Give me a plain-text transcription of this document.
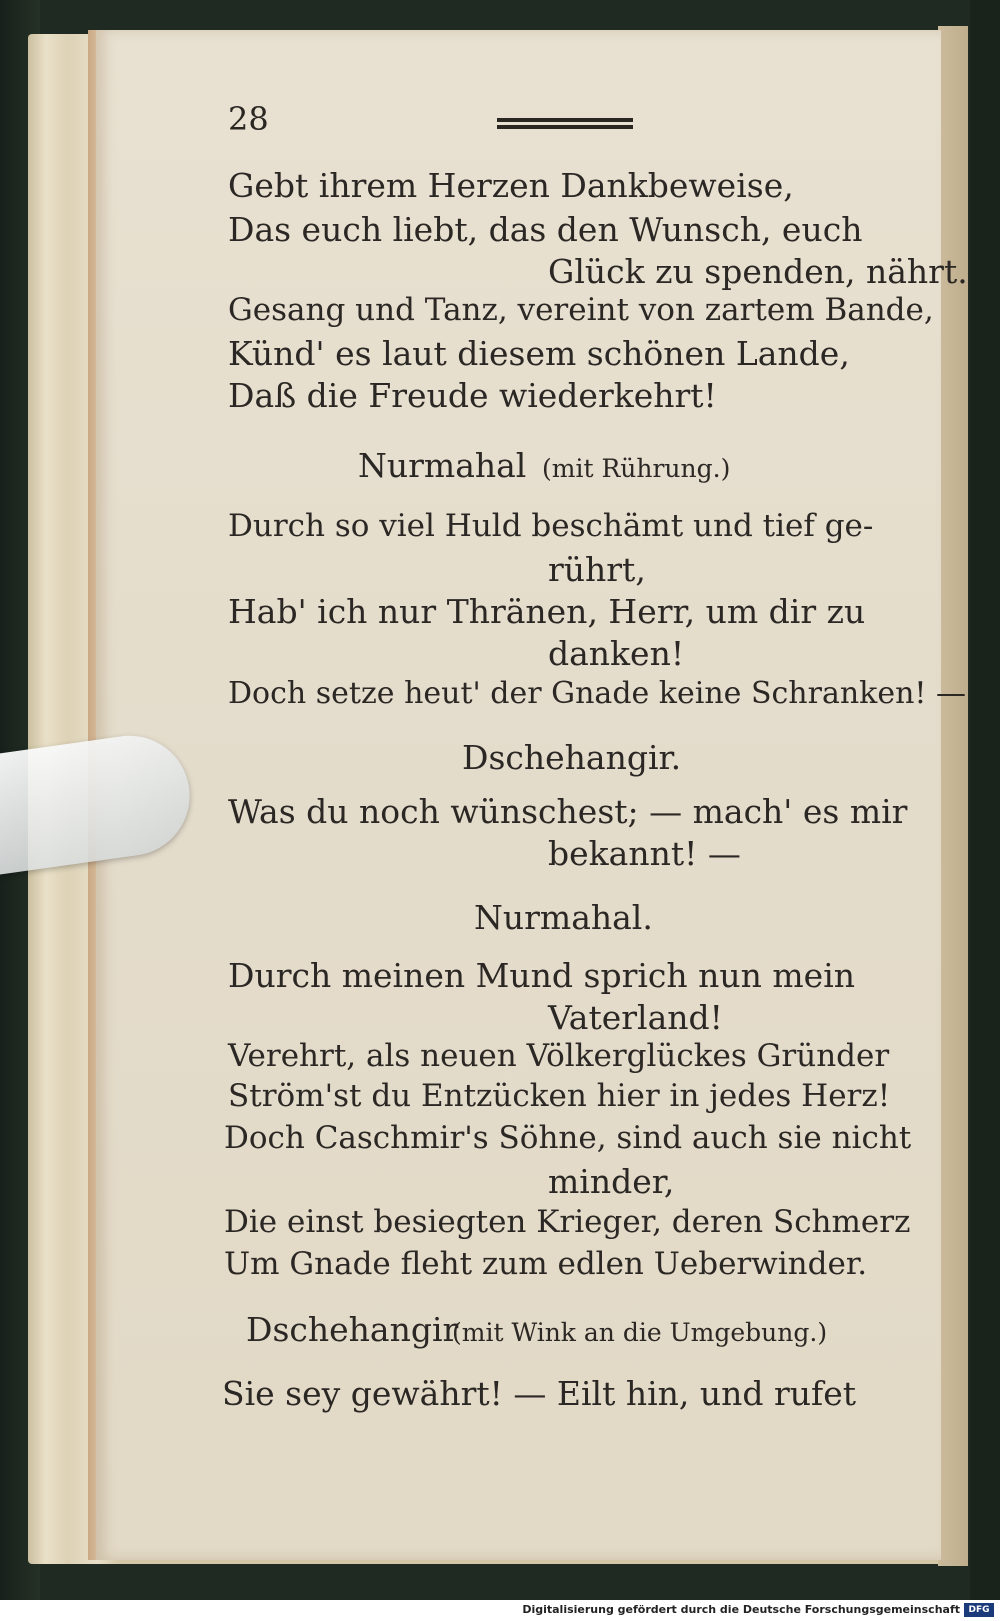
28
Gebt ihrem Herzen Dankbeweise,
Das euch liebt, das den Wunsch, euch
Glück zu spenden, nährt.
Gesang und Tanz, vereint von zartem Bande,
Künd' es laut diesem schönen Lande,
Daß die Freude wiederkehrt!
Nurmahal (mit Rührung.)
Durch so viel Huld beschämt und tief ge-
rührt,
Hab' ich nur Thränen, Herr, um dir zu
danken!
Doch setze heut' der Gnade keine Schranken! —
Dschehangir.
Was du noch wünschest; — mach' es mir
bekannt! —
Nurmahal.
Durch meinen Mund sprich nun mein
Vaterland!
Verehrt, als neuen Völkerglückes Gründer
Ström'st du Entzücken hier in jedes Herz!
Doch Caschmir's Söhne, sind auch sie nicht
minder,
Die einst besiegten Krieger, deren Schmerz
Um Gnade fleht zum edlen Ueberwinder.
Dschehangir
(mit Wink an die Umgebung.)
Sie sey gewährt! — Eilt hin, und rufet
Digitalisierung gefördert durch die Deutsche Forschungsgemeinschaft DFG
